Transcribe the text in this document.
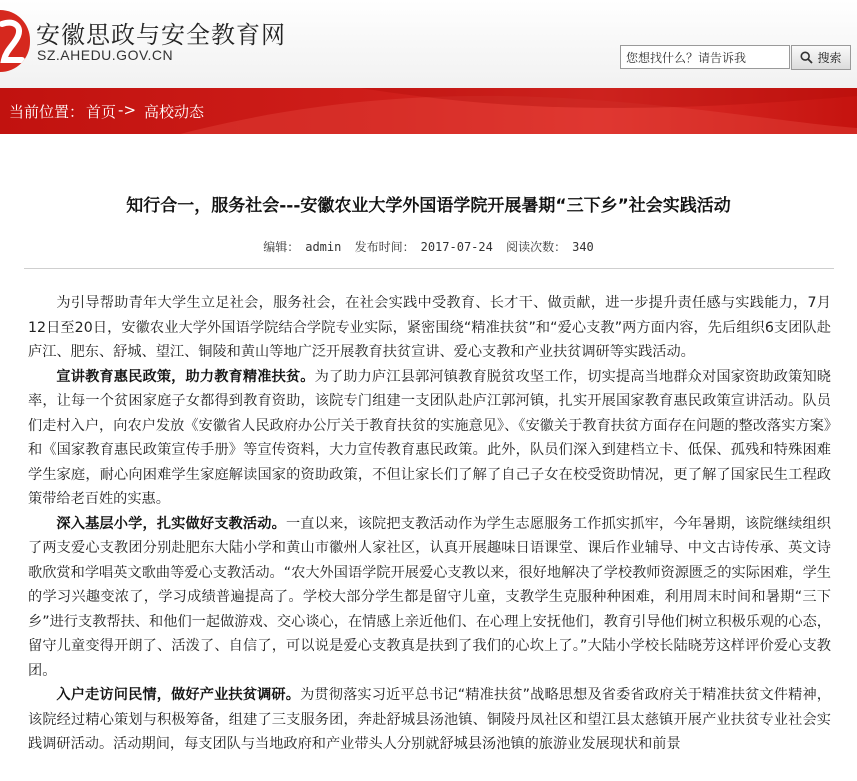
安徽思政与安全教育网
SZ.AHEDU.GOV.CN
您想找什么？请告诉我	搜索
当前位置： 首页 -> 高校动态
知行合一，服务社会---安徽农业大学外国语学院开展暑期“三下乡”社会实践活动
编辑： admin 发布时间： 2017-07-24 阅读次数： 340

为引导帮助青年大学生立足社会，服务社会，在社会实践中受教育、长才干、做贡献，进一步提升责任感与实践能力，7月12日至20日，安徽农业大学外国语学院结合学院专业实际，紧密围绕“精准扶贫”和“爱心支教”两方面内容，先后组织6支团队赴庐江、肥东、舒城、望江、铜陵和黄山等地广泛开展教育扶贫宣讲、爱心支教和产业扶贫调研等实践活动。

宣讲教育惠民政策，助力教育精准扶贫。为了助力庐江县郭河镇教育脱贫攻坚工作，切实提高当地群众对国家资助政策知晓率，让每一个贫困家庭子女都得到教育资助，该院专门组建一支团队赴庐江郭河镇，扎实开展国家教育惠民政策宣讲活动。队员们走村入户，向农户发放《安徽省人民政府办公厅关于教育扶贫的实施意见》、《安徽关于教育扶贫方面存在问题的整改落实方案》和《国家教育惠民政策宣传手册》等宣传资料，大力宣传教育惠民政策。此外，队员们深入到建档立卡、低保、孤残和特殊困难学生家庭，耐心向困难学生家庭解读国家的资助政策，不但让家长们了解了自己子女在校受资助情况，更了解了国家民生工程政策带给老百姓的实惠。

深入基层小学，扎实做好支教活动。一直以来，该院把支教活动作为学生志愿服务工作抓实抓牢，今年暑期，该院继续组织了两支爱心支教团分别赴肥东大陆小学和黄山市徽州人家社区，认真开展趣味日语课堂、课后作业辅导、中文古诗传承、英文诗歌欣赏和学唱英文歌曲等爱心支教活动。“农大外国语学院开展爱心支教以来，很好地解决了学校教师资源匮乏的实际困难，学生的学习兴趣变浓了，学习成绩普遍提高了。学校大部分学生都是留守儿童，支教学生克服种种困难，利用周末时间和暑期“三下乡”进行支教帮扶、和他们一起做游戏、交心谈心，在情感上亲近他们、在心理上安抚他们，教育引导他们树立积极乐观的心态，留守儿童变得开朗了、活泼了、自信了，可以说是爱心支教真是扶到了我们的心坎上了。”大陆小学校长陆晓芳这样评价爱心支教团。

入户走访问民情，做好产业扶贫调研。为贯彻落实习近平总书记“精准扶贫”战略思想及省委省政府关于精准扶贫文件精神，该院经过精心策划与积极筹备，组建了三支服务团，奔赴舒城县汤池镇、铜陵丹凤社区和望江县太慈镇开展产业扶贫专业社会实践调研活动。活动期间，每支团队与当地政府和产业带头人分别就舒城县汤池镇的旅游业发展现状和前景
